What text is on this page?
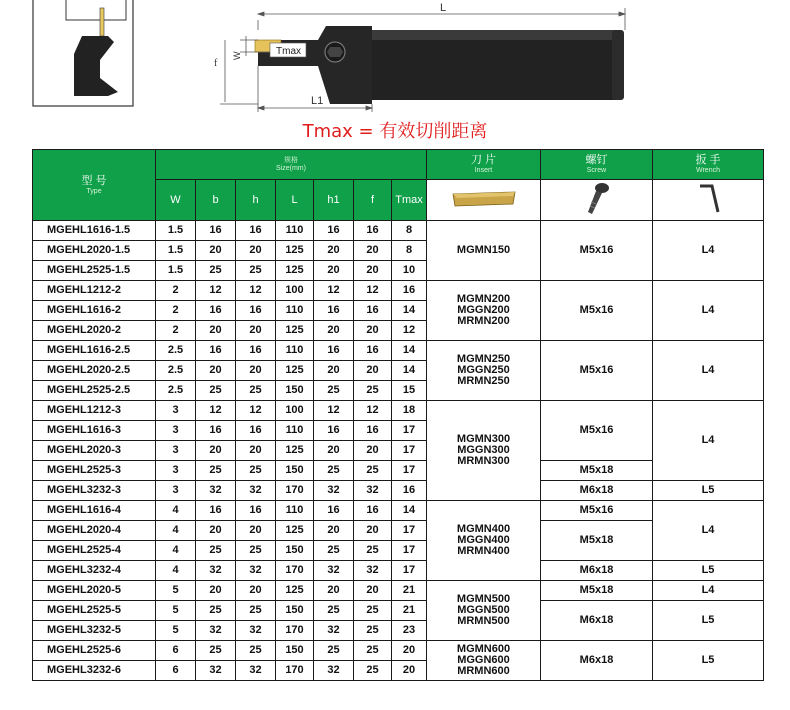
L
Tmax
W
f
L1
Tmax = 有效切削距离
型 号
Type	规格
Size(mm)							刀 片
Insert	螺钉
Screw	扳 手
Wrench

	W	b	h	L	h1	f	Tmax			
MGEHL1616-1.5	1.5	16	16	110	16	16	8	MGMN150	M5x16	L4
MGEHL2020-1.5	1.5	20	20	125	20	20	8			
MGEHL2525-1.5	1.5	25	25	125	20	20	10			
MGEHL1212-2	2	12	12	100	12	12	16	MGMN200
MGGN200
MRMN200	M5x16	L4
MGEHL1616-2	2	16	16	110	16	16	14			
MGEHL2020-2	2	20	20	125	20	20	12			
MGEHL1616-2.5	2.5	16	16	110	16	16	14	MGMN250
MGGN250
MRMN250	M5x16	L4
MGEHL2020-2.5	2.5	20	20	125	20	20	14			
MGEHL2525-2.5	2.5	25	25	150	25	25	15			
MGEHL1212-3	3	12	12	100	12	12	18	MGMN300
MGGN300
MRMN300	M5x16	L4
MGEHL1616-3	3	16	16	110	16	16	17			
MGEHL2020-3	3	20	20	125	20	20	17			
MGEHL2525-3	3	25	25	150	25	25	17		M5x18	
MGEHL3232-3	3	32	32	170	32	32	16		M6x18	L5
MGEHL1616-4	4	16	16	110	16	16	14	MGMN400
MGGN400
MRMN400	M5x16	L4
MGEHL2020-4	4	20	20	125	20	20	17		M5x18	
MGEHL2525-4	4	25	25	150	25	25	17			
MGEHL3232-4	4	32	32	170	32	32	17		M6x18	L5
MGEHL2020-5	5	20	20	125	20	20	21	MGMN500
MGGN500
MRMN500	M5x18	L4
MGEHL2525-5	5	25	25	150	25	25	21		M6x18	L5
MGEHL3232-5	5	32	32	170	32	25	23			
MGEHL2525-6	6	25	25	150	25	25	20	MGMN600
MGGN600
MRMN600	M6x18	L5
MGEHL3232-6	6	32	32	170	32	25	20			
